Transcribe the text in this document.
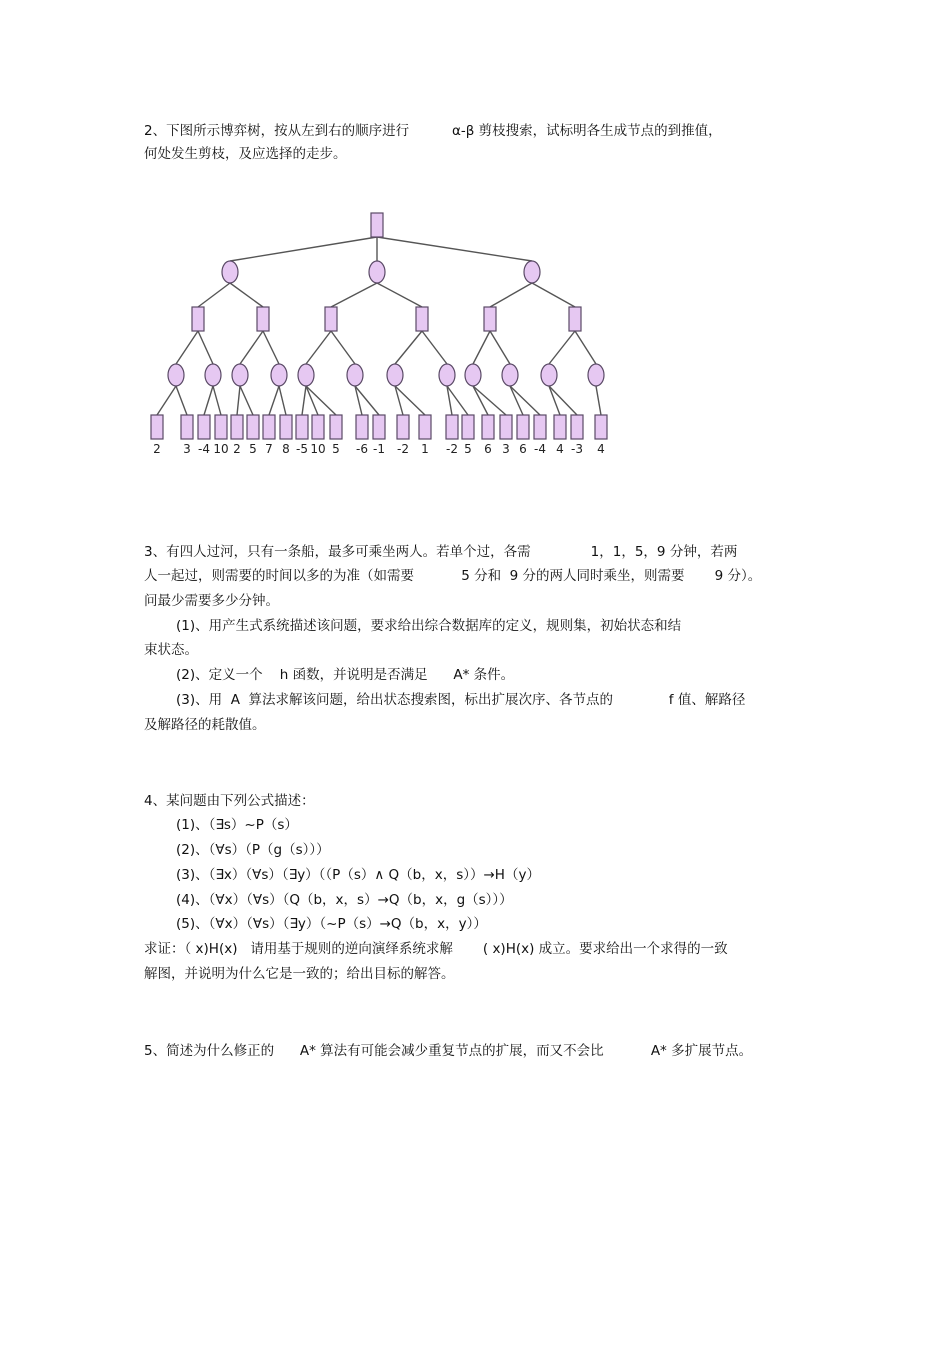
2、下图所示博弈树，按从左到右的顺序进行          α-β 剪枝搜索，试标明各生成节点的到推值，
何处发生剪枝，及应选择的走步。
2 3 -4 10 2 5 7 8 -5 10 5 -6 -1 -2 1 -2 5 6 3 6 -4 4 -3 4
3、有四人过河，只有一条船，最多可乘坐两人。若单个过，各需              1，1，5，9 分钟，若两
人一起过，则需要的时间以多的为准（如需要           5 分和  9 分的两人同时乘坐，则需要       9 分）。
问最少需要多少分钟。
(1)、用产生式系统描述该问题，要求给出综合数据库的定义，规则集，初始状态和结
束状态。
(2)、定义一个    h 函数，并说明是否满足      A* 条件。
(3)、用  A  算法求解该问题，给出状态搜索图，标出扩展次序、各节点的             f 值、解路径
及解路径的耗散值。
4、某问题由下列公式描述：
(1)、（∃s）~P（s）
(2)、（∀s）（P（g（s）））
(3)、（∃x）（∀s）（∃y）（（P（s）∧ Q（b，x，s））→H（y）
(4)、（∀x）（∀s）（Q（b，x，s）→Q（b，x，g（s）））
(5)、（∀x）（∀s）（∃y）（~P（s）→Q（b，x，y））
求证：（ x)H(x)   请用基于规则的逆向演绎系统求解       ( x)H(x) 成立。要求给出一个求得的一致
解图，并说明为什么它是一致的；给出目标的解答。
5、简述为什么修正的      A* 算法有可能会减少重复节点的扩展，而又不会比           A* 多扩展节点。
